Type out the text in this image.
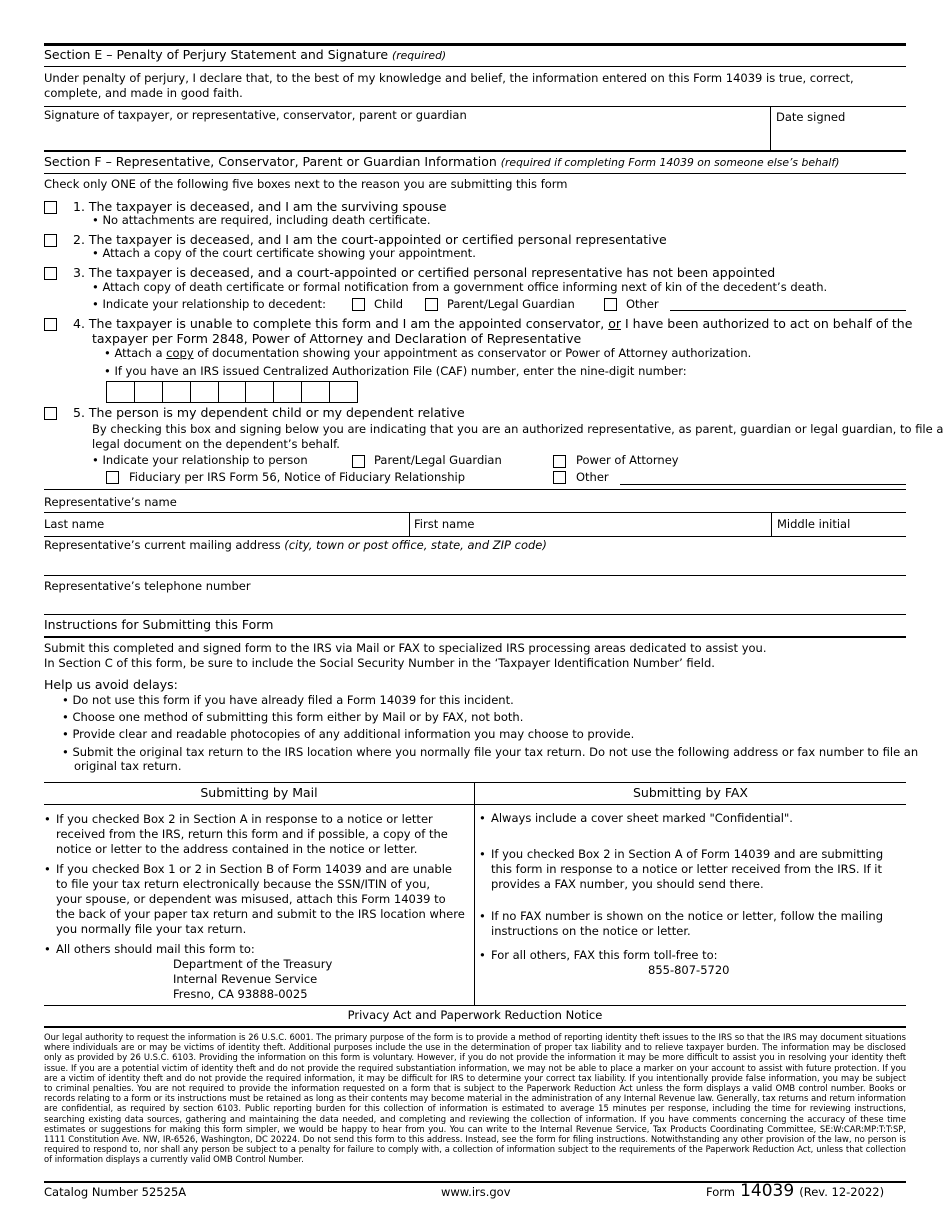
Section E – Penalty of Perjury Statement and Signature (required)
Under penalty of perjury, I declare that, to the best of my knowledge and belief, the information entered on this Form 14039 is true, correct, complete, and made in good faith.
Signature of taxpayer, or representative, conservator, parent or guardian	Date signed
Section F – Representative, Conservator, Parent or Guardian Information (required if completing Form 14039 on someone else’s behalf)
Check only ONE of the following five boxes next to the reason you are submitting this form
1. The taxpayer is deceased, and I am the surviving spouse
• No attachments are required, including death certificate.
2. The taxpayer is deceased, and I am the court-appointed or certified personal representative
• Attach a copy of the court certificate showing your appointment.
3. The taxpayer is deceased, and a court-appointed or certified personal representative has not been appointed
• Attach copy of death certificate or formal notification from a government office informing next of kin of the decedent’s death.
• Indicate your relationship to decedent:	Child	Parent/Legal Guardian	Other
4. The taxpayer is unable to complete this form and I am the appointed conservator, or I have been authorized to act on behalf of the
taxpayer per Form 2848, Power of Attorney and Declaration of Representative
• Attach a copy of documentation showing your appointment as conservator or Power of Attorney authorization.
• If you have an IRS issued Centralized Authorization File (CAF) number, enter the nine-digit number:
5. The person is my dependent child or my dependent relative
By checking this box and signing below you are indicating that you are an authorized representative, as parent, guardian or legal guardian, to file a
legal document on the dependent’s behalf.
• Indicate your relationship to person	Parent/Legal Guardian	Power of Attorney
Fiduciary per IRS Form 56, Notice of Fiduciary Relationship	Other
Representative’s name
Last name	First name	Middle initial
Representative’s current mailing address (city, town or post office, state, and ZIP code)
Representative’s telephone number
Instructions for Submitting this Form
Submit this completed and signed form to the IRS via Mail or FAX to specialized IRS processing areas dedicated to assist you.
In Section C of this form, be sure to include the Social Security Number in the ‘Taxpayer Identification Number’ field.
Help us avoid delays:
• Do not use this form if you have already filed a Form 14039 for this incident.
• Choose one method of submitting this form either by Mail or by FAX, not both.
• Provide clear and readable photocopies of any additional information you may choose to provide.
• Submit the original tax return to the IRS location where you normally file your tax return. Do not use the following address or fax number to file an
original tax return.
Submitting by Mail	Submitting by FAX

• If you checked Box 2 in Section A in response to a notice or letter

received from the IRS, return this form and if possible, a copy of the

notice or letter to the address contained in the notice or letter.

• If you checked Box 1 or 2 in Section B of Form 14039 and are unable

to file your tax return electronically because the SSN/ITIN of you,

your spouse, or dependent was misused, attach this Form 14039 to

the back of your paper tax return and submit to the IRS location where

you normally file your tax return.

• All others should mail this form to:

Department of the Treasury

Internal Revenue Service

Fresno, CA 93888-0025

• Always include a cover sheet marked "Confidential".

• If you checked Box 2 in Section A of Form 14039 and are submitting

this form in response to a notice or letter received from the IRS. If it

provides a FAX number, you should send there.

• If no FAX number is shown on the notice or letter, follow the mailing

instructions on the notice or letter.

• For all others, FAX this form toll-free to:

855-807-5720

Privacy Act and Paperwork Reduction Notice
Our legal authority to request the information is 26 U.S.C. 6001. The primary purpose of the form is to provide a method of reporting identity theft issues to the IRS so that the IRS may document situations where individuals are or may be victims of identity theft. Additional purposes include the use in the determination of proper tax liability and to relieve taxpayer burden. The information may be disclosed only as provided by 26 U.S.C. 6103. Providing the information on this form is voluntary. However, if you do not provide the information it may be more difficult to assist you in resolving your identity theft issue. If you are a potential victim of identity theft and do not provide the required substantiation information, we may not be able to place a marker on your account to assist with future protection. If you are a victim of identity theft and do not provide the required information, it may be difficult for IRS to determine your correct tax liability. If you intentionally provide false information, you may be subject to criminal penalties. You are not required to provide the information requested on a form that is subject to the Paperwork Reduction Act unless the form displays a valid OMB control number. Books or records relating to a form or its instructions must be retained as long as their contents may become material in the administration of any Internal Revenue law. Generally, tax returns and return information are confidential, as required by section 6103. Public reporting burden for this collection of information is estimated to average 15 minutes per response, including the time for reviewing instructions, searching existing data sources, gathering and maintaining the data needed, and completing and reviewing the collection of information. If you have comments concerning the accuracy of these time estimates or suggestions for making this form simpler, we would be happy to hear from you. You can write to the Internal Revenue Service, Tax Products Coordinating Committee, SE:W:CAR:MP:T:T:SP, 1111 Constitution Ave. NW, IR-6526, Washington, DC 20224. Do not send this form to this address. Instead, see the form for filing instructions. Notwithstanding any other provision of the law, no person is required to respond to, nor shall any person be subject to a penalty for failure to comply with, a collection of information subject to the requirements of the Paperwork Reduction Act, unless that collection of information displays a currently valid OMB Control Number.
Catalog Number 52525A	www.irs.gov	Form 14039 (Rev. 12-2022)
